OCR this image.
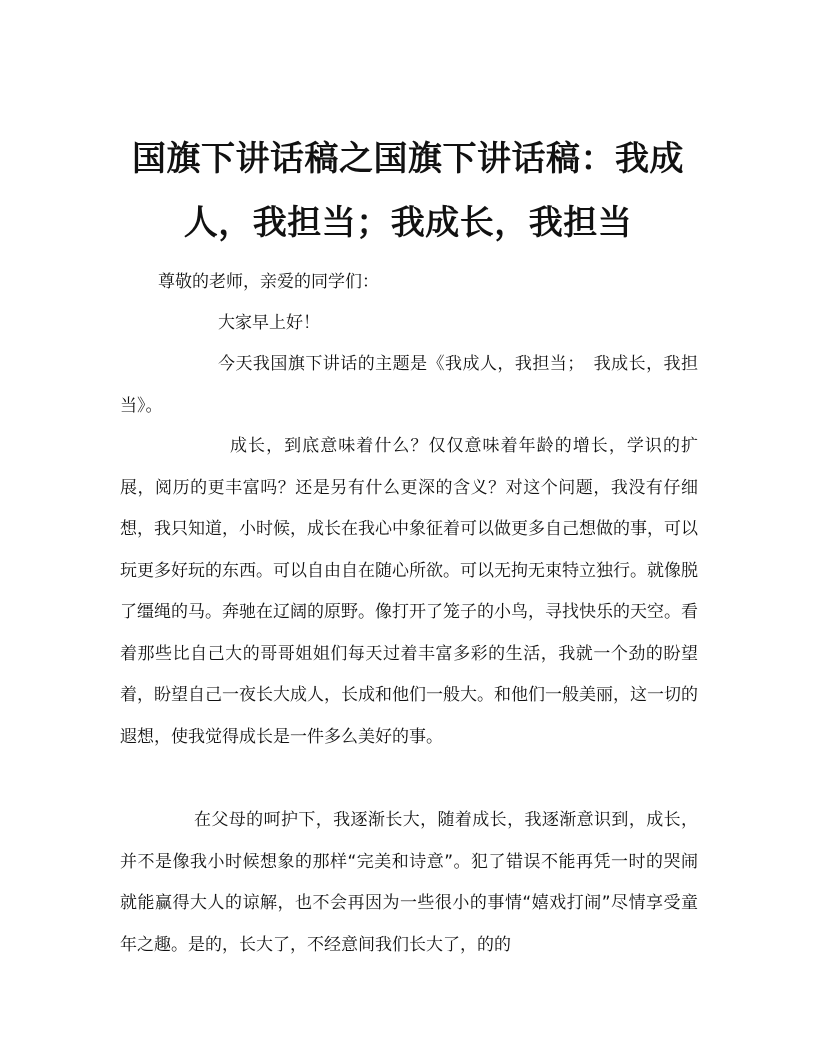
国旗下讲话稿之国旗下讲话稿：我成人，我担当；我成长，我担当

尊敬的老师，亲爱的同学们：

大家早上好！

今天我国旗下讲话的主题是《我成人，我担当；　我成长，我担当》。

成长，到底意味着什么？仅仅意味着年龄的增长，学识的扩展，阅历的更丰富吗？还是另有什么更深的含义？对这个问题，我没有仔细想，我只知道，小时候，成长在我心中象征着可以做更多自己想做的事，可以玩更多好玩的东西。可以自由自在随心所欲。可以无拘无束特立独行。就像脱了缰绳的马。奔驰在辽阔的原野。像打开了笼子的小鸟，寻找快乐的天空。看着那些比自己大的哥哥姐姐们每天过着丰富多彩的生活，我就一个劲的盼望着，盼望自己一夜长大成人，长成和他们一般大。和他们一般美丽，这一切的遐想，使我觉得成长是一件多么美好的事。

在父母的呵护下，我逐渐长大，随着成长，我逐渐意识到，成长，并不是像我小时候想象的那样“完美和诗意”。犯了错误不能再凭一时的哭闹就能赢得大人的谅解，也不会再因为一些很小的事情“嬉戏打闹”尽情享受童年之趣。是的，长大了，不经意间我们长大了，的的
